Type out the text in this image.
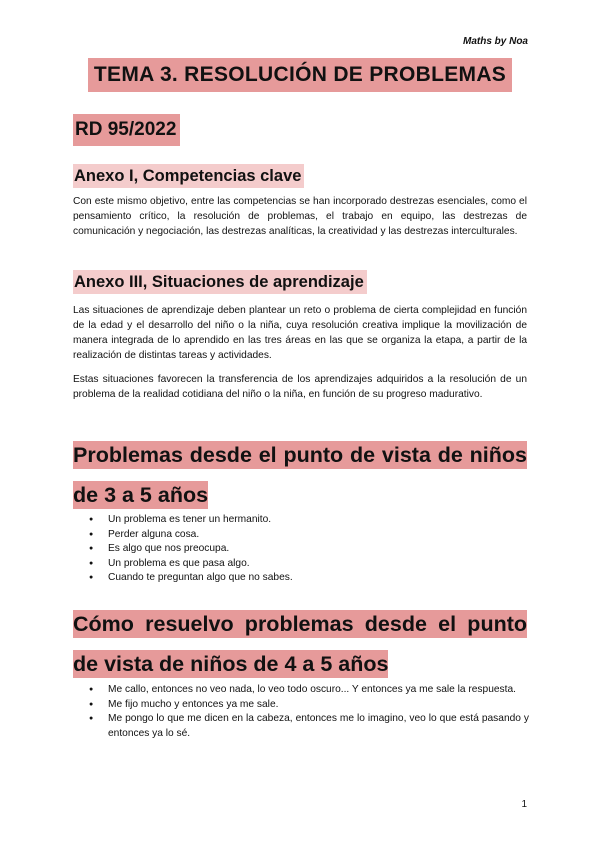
Maths by Noa
TEMA 3. RESOLUCIÓN DE PROBLEMAS
RD 95/2022
Anexo I, Competencias clave

Con este mismo objetivo, entre las competencias se han incorporado destrezas esenciales, como el pensamiento crítico, la resolución de problemas, el trabajo en equipo, las destrezas de comunicación y negociación, las destrezas analíticas, la creatividad y las destrezas interculturales.

Anexo III, Situaciones de aprendizaje

Las situaciones de aprendizaje deben plantear un reto o problema de cierta complejidad en función de la edad y el desarrollo del niño o la niña, cuya resolución creativa implique la movilización de manera integrada de lo aprendido en las tres áreas en las que se organiza la etapa, a partir de la realización de distintas tareas y actividades.

Estas situaciones favorecen la transferencia de los aprendizajes adquiridos a la resolución de un problema de la realidad cotidiana del niño o la niña, en función de su progreso madurativo.

Problemas desde el punto de vista de niños de 3 a 5 años

● Un problema es tener un hermanito.
● Perder alguna cosa.
● Es algo que nos preocupa.
● Un problema es que pasa algo.
● Cuando te preguntan algo que no sabes.

Cómo resuelvo problemas desde el punto de vista de niños de 4 a 5 años

● Me callo, entonces no veo nada, lo veo todo oscuro... Y entonces ya me sale la respuesta.
● Me fijo mucho y entonces ya me sale.
● Me pongo lo que me dicen en la cabeza, entonces me lo imagino, veo lo que está pasando y entonces ya lo sé.
1
